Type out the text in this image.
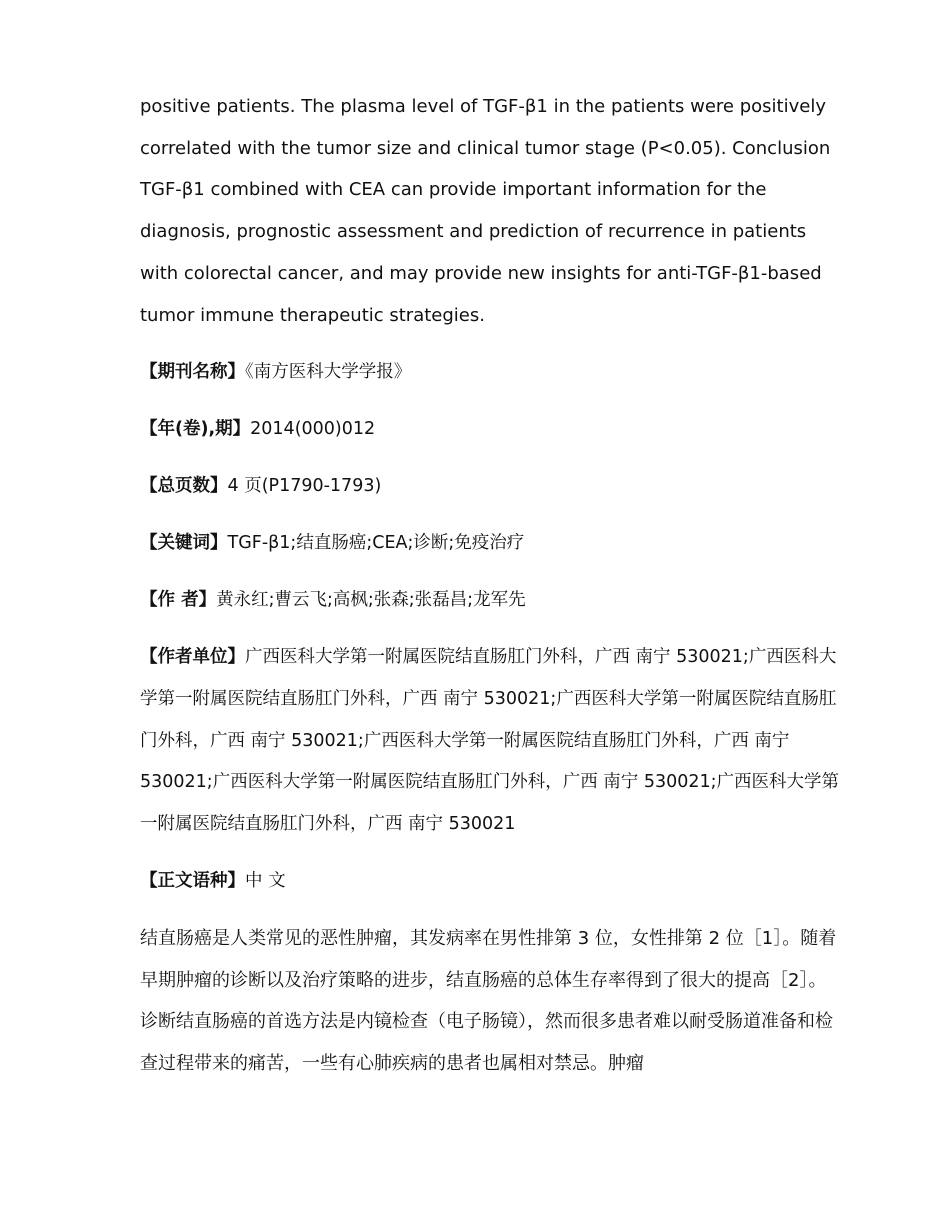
positive patients. The plasma level of TGF-β1 in the patients were positively correlated with the tumor size and clinical tumor stage (P<0.05). Conclusion TGF-β1 combined with CEA can provide important information for the diagnosis, prognostic assessment and prediction of recurrence in patients with colorectal cancer, and may provide new insights for anti-TGF-β1-based tumor immune therapeutic strategies.

【期刊名称】《南方医科大学学报》

【年(卷),期】2014(000)012

【总页数】4 页(P1790-1793)

【关键词】TGF-β1;结直肠癌;CEA;诊断;免疫治疗

【作 者】黄永红;曹云飞;高枫;张森;张磊昌;龙军先

【作者单位】广西医科大学第一附属医院结直肠肛门外科，广西 南宁 530021;广西医科大学第一附属医院结直肠肛门外科，广西 南宁 530021;广西医科大学第一附属医院结直肠肛门外科，广西 南宁 530021;广西医科大学第一附属医院结直肠肛门外科，广西 南宁 530021;广西医科大学第一附属医院结直肠肛门外科，广西 南宁 530021;广西医科大学第一附属医院结直肠肛门外科，广西 南宁 530021

【正文语种】中 文

结直肠癌是人类常见的恶性肿瘤，其发病率在男性排第 3 位，女性排第 2 位［1］。随着早期肿瘤的诊断以及治疗策略的进步，结直肠癌的总体生存率得到了很大的提高［2］。诊断结直肠癌的首选方法是内镜检查（电子肠镜），然而很多患者难以耐受肠道准备和检查过程带来的痛苦，一些有心肺疾病的患者也属相对禁忌。肿瘤
